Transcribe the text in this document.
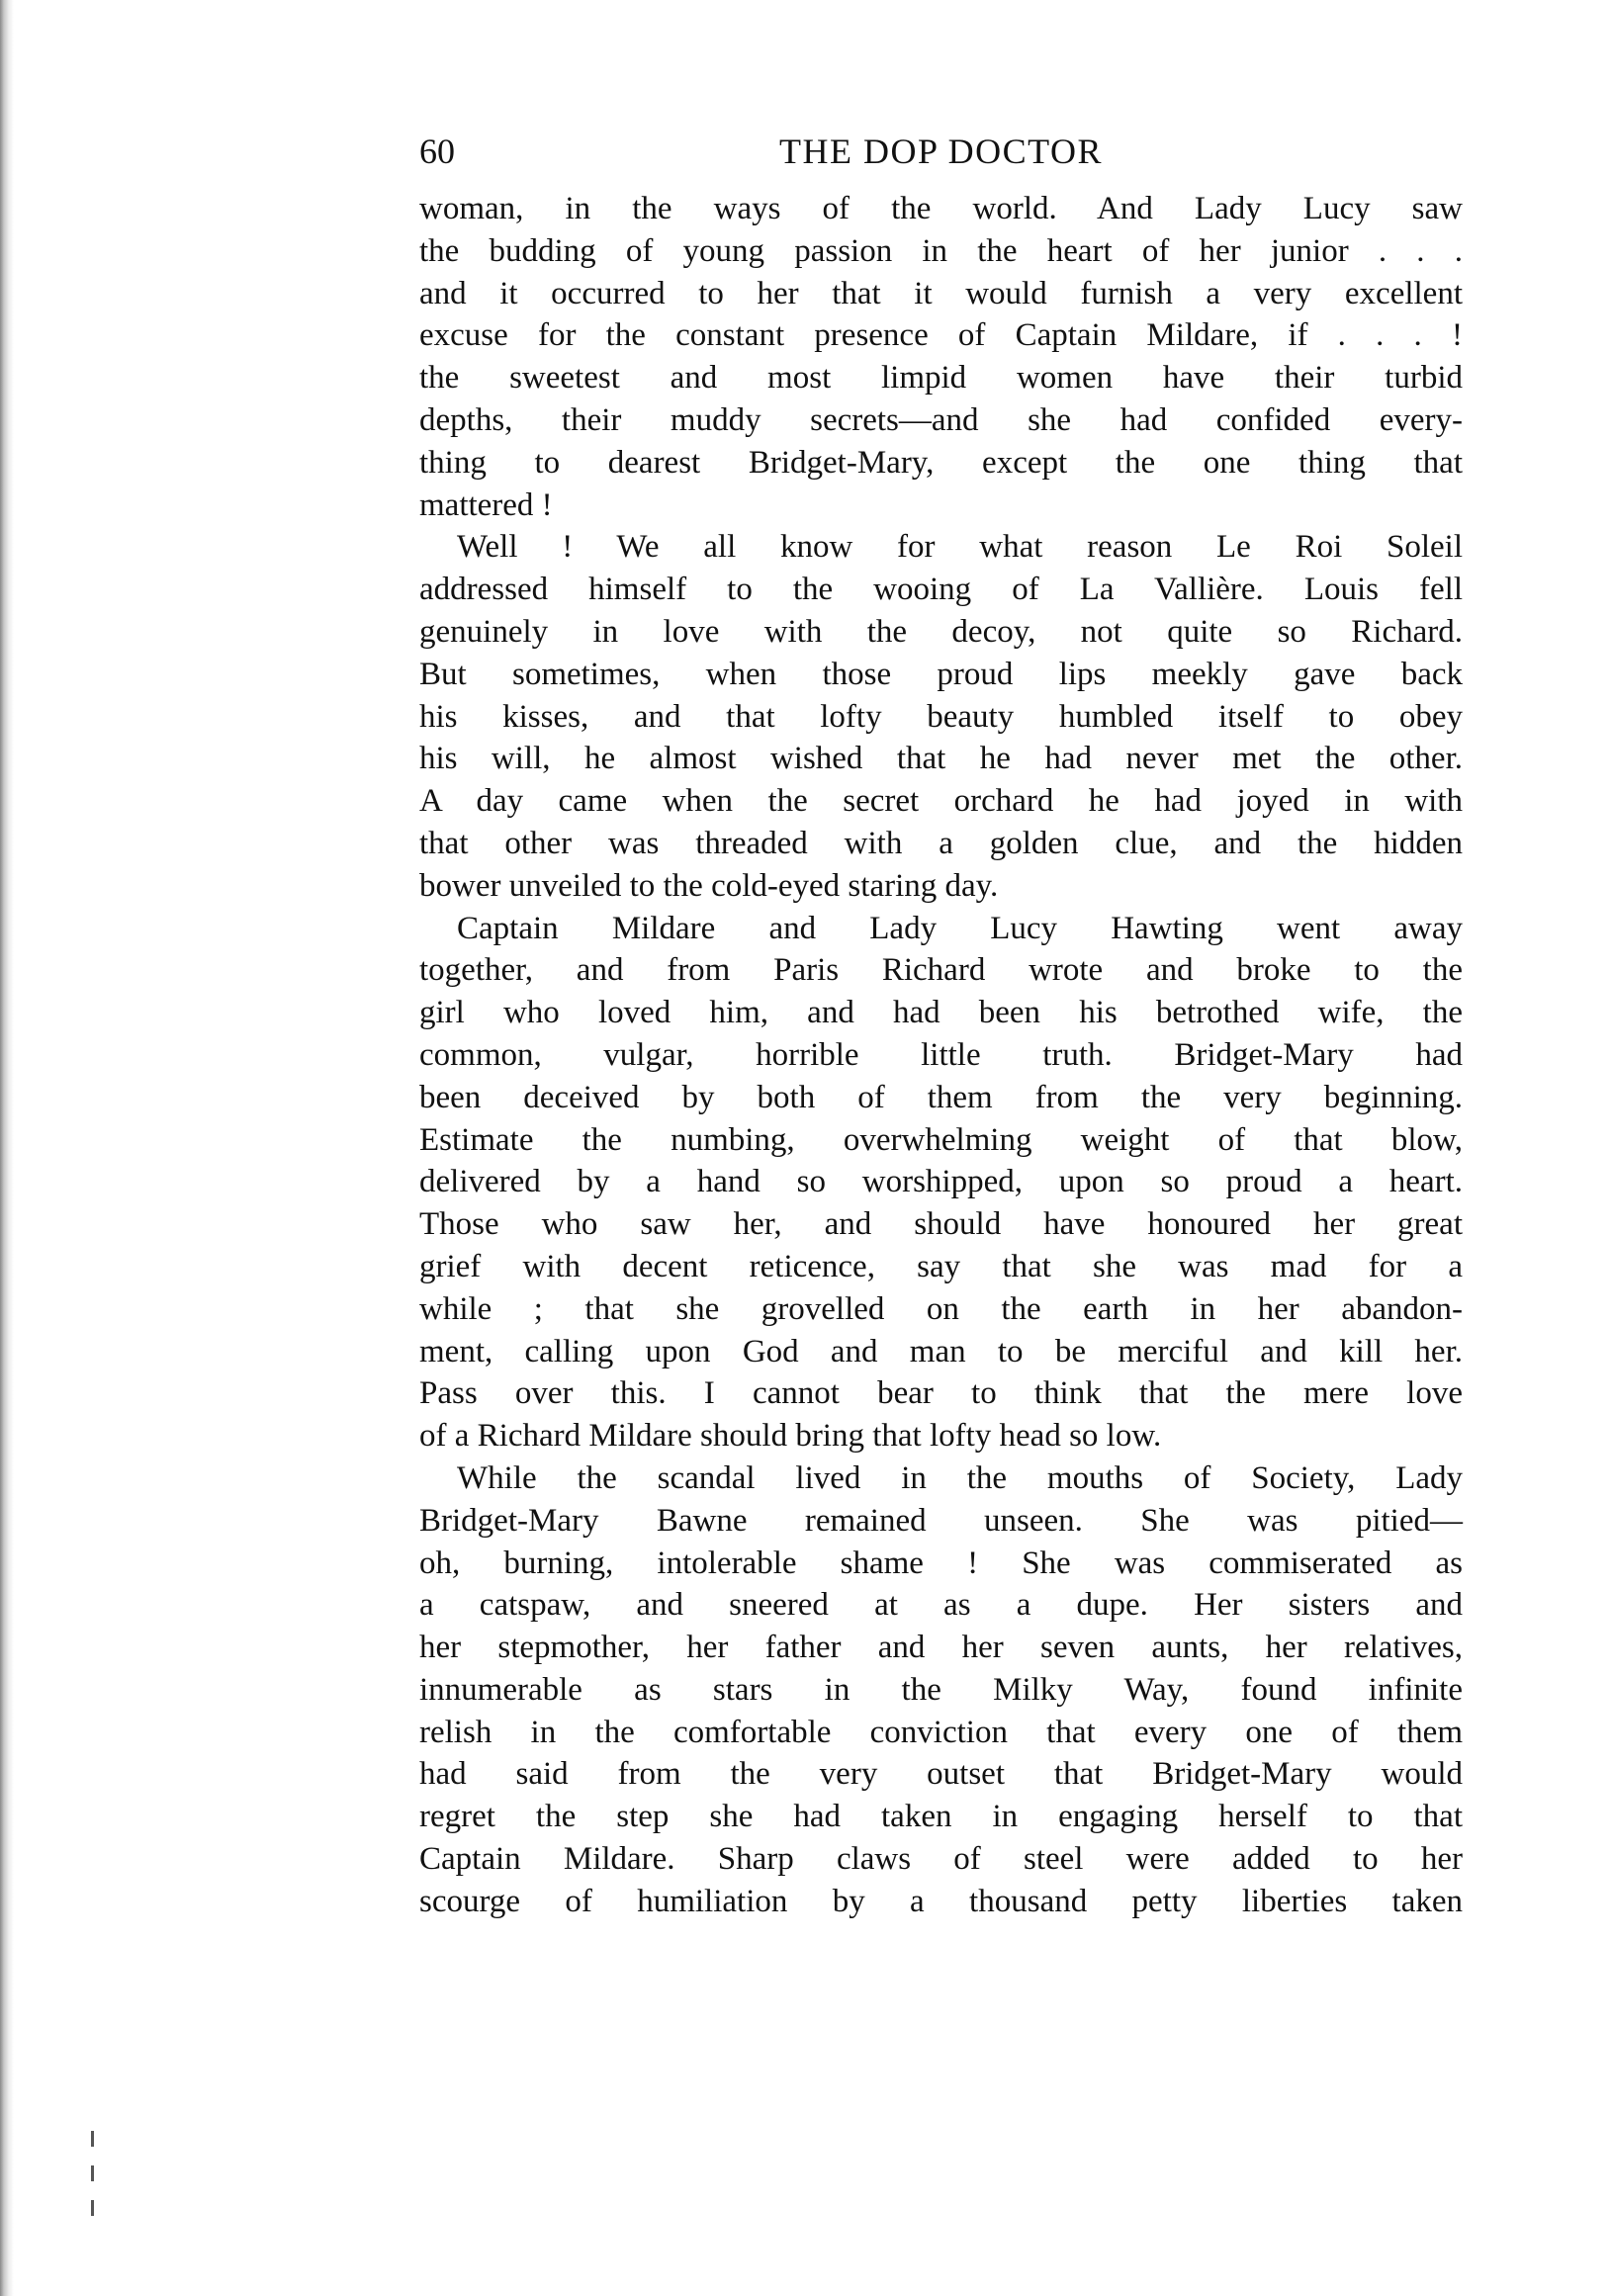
60	THE DOP DOCTOR
woman, in the ways of the world. And Lady Lucy saw
the budding of young passion in the heart of her junior . . .
and it occurred to her that it would furnish a very excellent
excuse for the constant presence of Captain Mildare, if . . . !
the sweetest and most limpid women have their turbid
depths, their muddy secrets—and she had confided every-
thing to dearest Bridget-Mary, except the one thing that
mattered !
Well ! We all know for what reason Le Roi Soleil
addressed himself to the wooing of La Vallière. Louis fell
genuinely in love with the decoy, not quite so Richard.
But sometimes, when those proud lips meekly gave back
his kisses, and that lofty beauty humbled itself to obey
his will, he almost wished that he had never met the other.
A day came when the secret orchard he had joyed in with
that other was threaded with a golden clue, and the hidden
bower unveiled to the cold-eyed staring day.
Captain Mildare and Lady Lucy Hawting went away
together, and from Paris Richard wrote and broke to the
girl who loved him, and had been his betrothed wife, the
common, vulgar, horrible little truth. Bridget-Mary had
been deceived by both of them from the very beginning.
Estimate the numbing, overwhelming weight of that blow,
delivered by a hand so worshipped, upon so proud a heart.
Those who saw her, and should have honoured her great
grief with decent reticence, say that she was mad for a
while ; that she grovelled on the earth in her abandon-
ment, calling upon God and man to be merciful and kill her.
Pass over this. I cannot bear to think that the mere love
of a Richard Mildare should bring that lofty head so low.
While the scandal lived in the mouths of Society, Lady
Bridget-Mary Bawne remained unseen. She was pitied—
oh, burning, intolerable shame ! She was commiserated as
a catspaw, and sneered at as a dupe. Her sisters and
her stepmother, her father and her seven aunts, her relatives,
innumerable as stars in the Milky Way, found infinite
relish in the comfortable conviction that every one of them
had said from the very outset that Bridget-Mary would
regret the step she had taken in engaging herself to that
Captain Mildare. Sharp claws of steel were added to her
scourge of humiliation by a thousand petty liberties taken
